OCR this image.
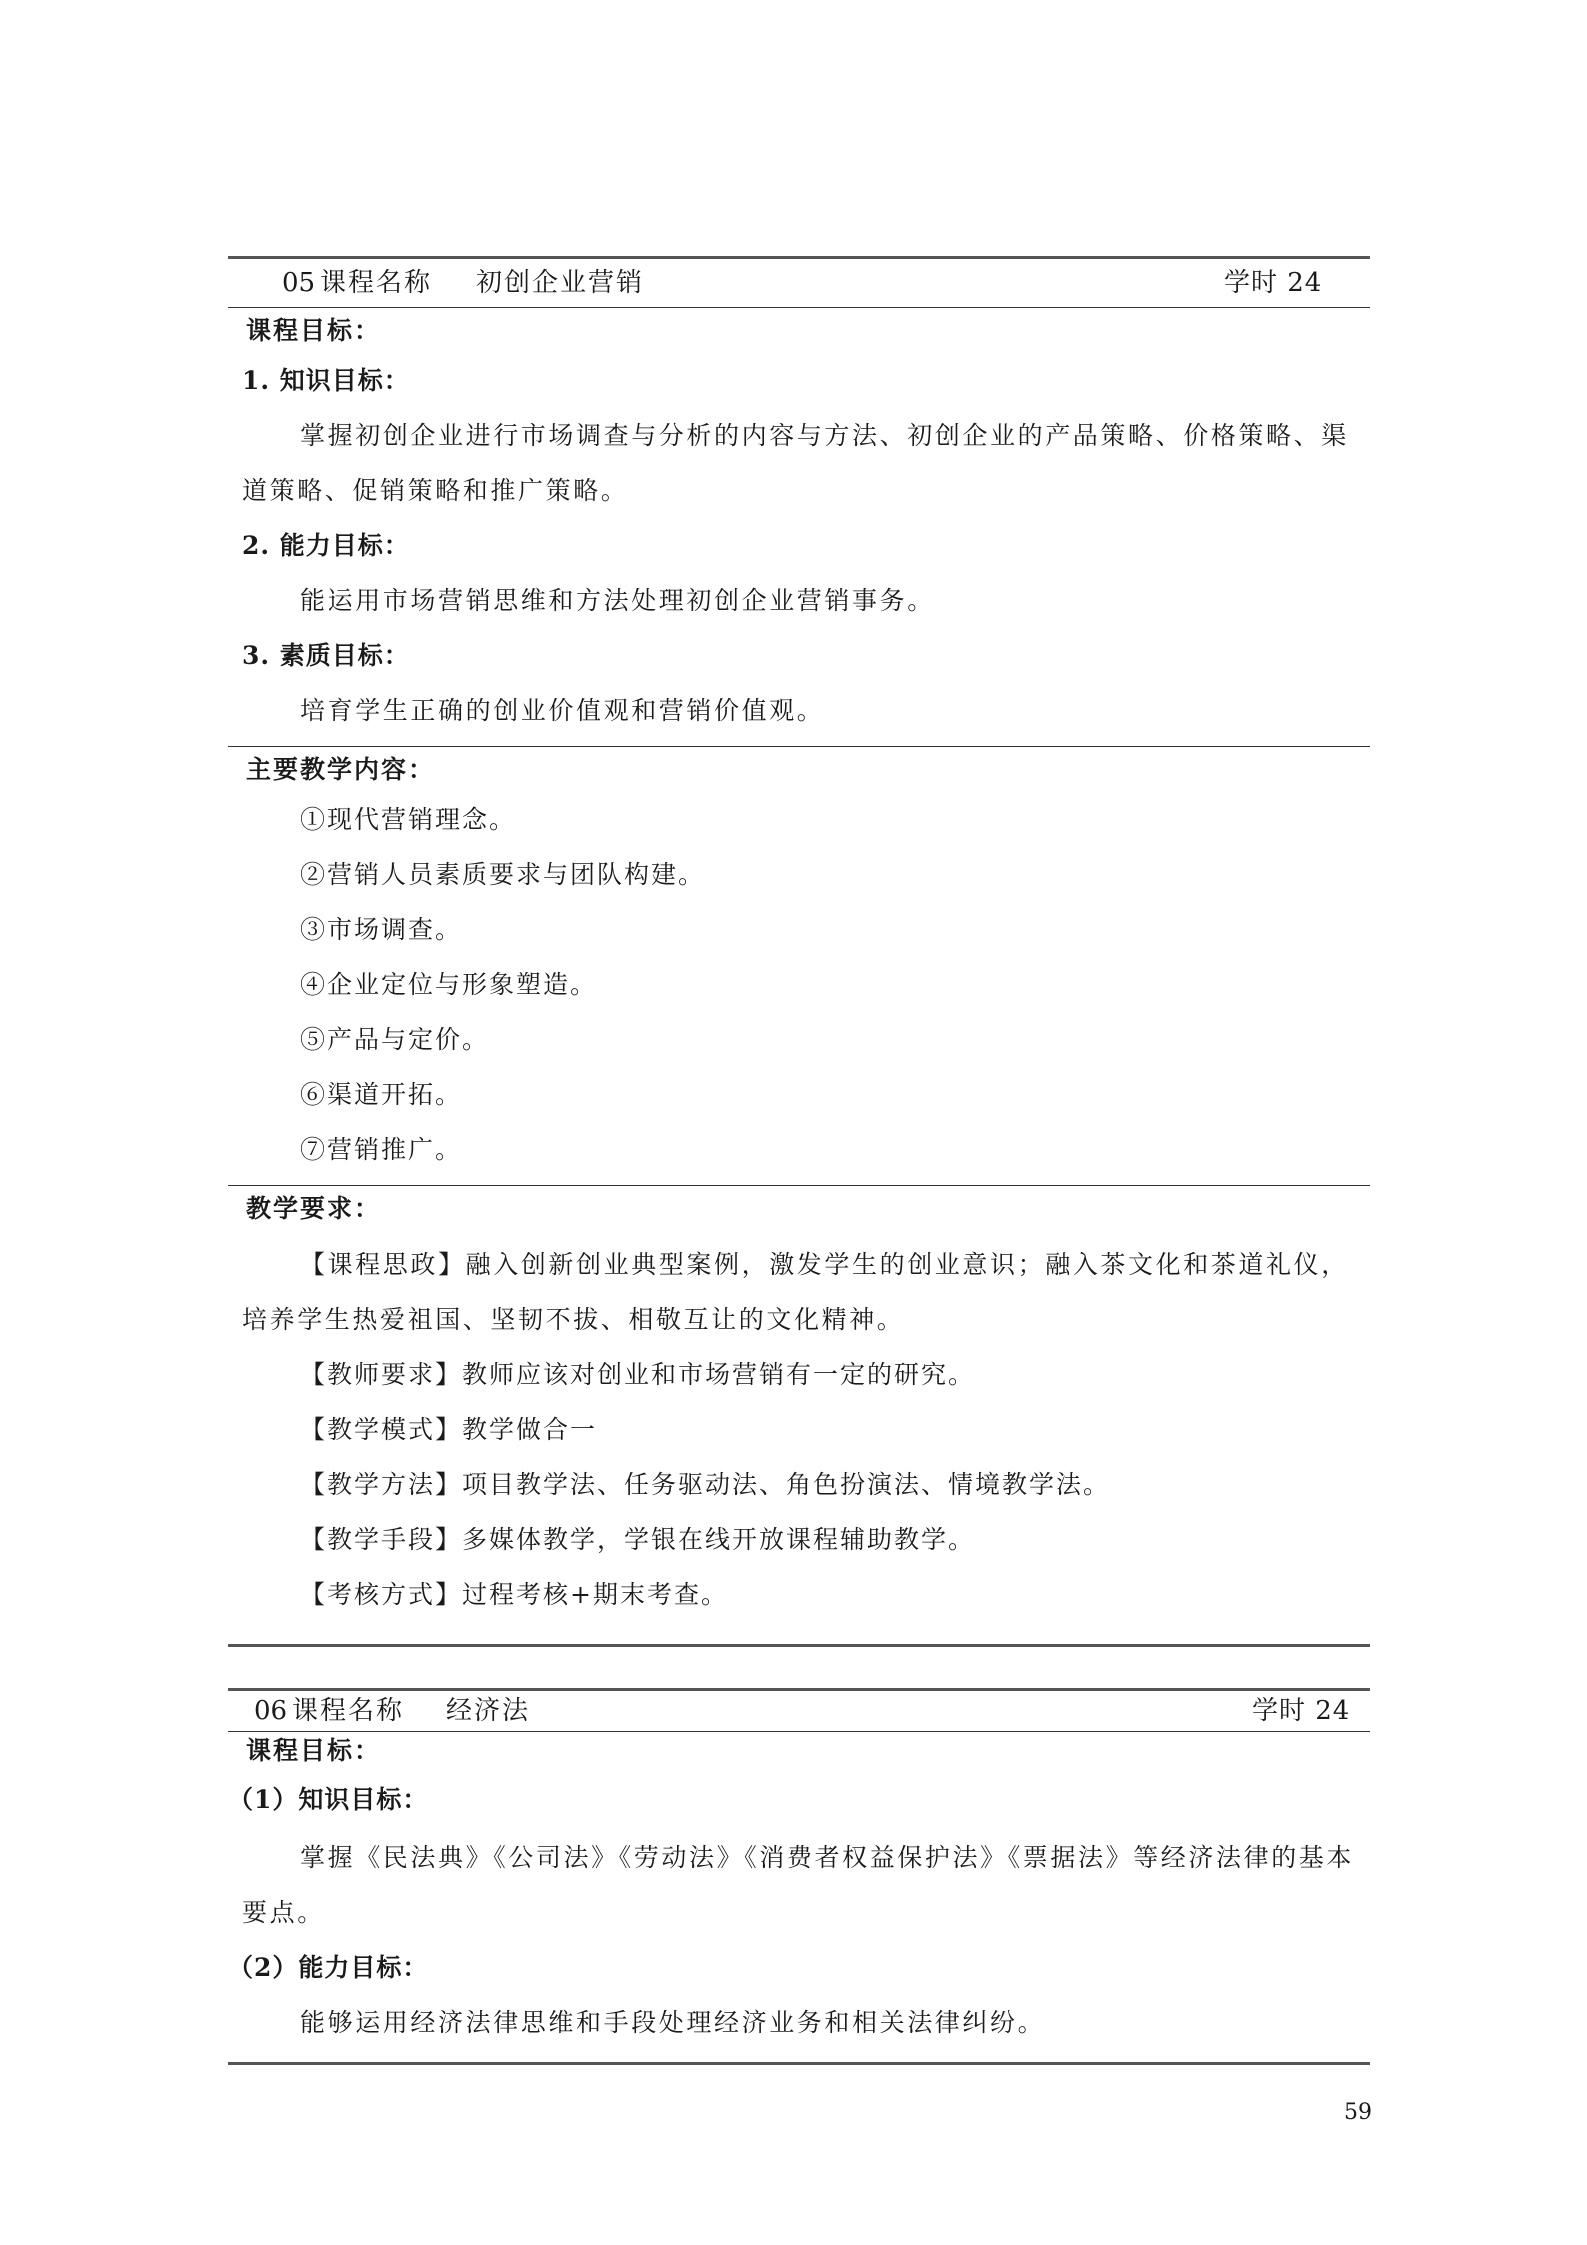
05 课程名称 初创企业营销	学时 24
课程目标：
1. 知识目标：

掌握初创企业进行市场调查与分析的内容与方法、初创企业的产品策略、价格策略、渠道策略、促销策略和推广策略。

2. 能力目标：

能运用市场营销思维和方法处理初创企业营销事务。

3. 素质目标：

培育学生正确的创业价值观和营销价值观。

主要教学内容：
①现代营销理念。
②营销人员素质要求与团队构建。
③市场调查。
④企业定位与形象塑造。
⑤产品与定价。
⑥渠道开拓。
⑦营销推广。
教学要求：

【课程思政】融入创新创业典型案例，激发学生的创业意识；融入茶文化和茶道礼仪，培养学生热爱祖国、坚韧不拔、相敬互让的文化精神。

【教师要求】教师应该对创业和市场营销有一定的研究。
【教学模式】教学做合一
【教学方法】项目教学法、任务驱动法、角色扮演法、情境教学法。
【教学手段】多媒体教学，学银在线开放课程辅助教学。
【考核方式】过程考核+期末考查。
06 课程名称 经济法	学时 24
课程目标：
（1）知识目标：

掌握《民法典》《公司法》《劳动法》《消费者权益保护法》《票据法》等经济法律的基本要点。

（2）能力目标：

能够运用经济法律思维和手段处理经济业务和相关法律纠纷。

59
